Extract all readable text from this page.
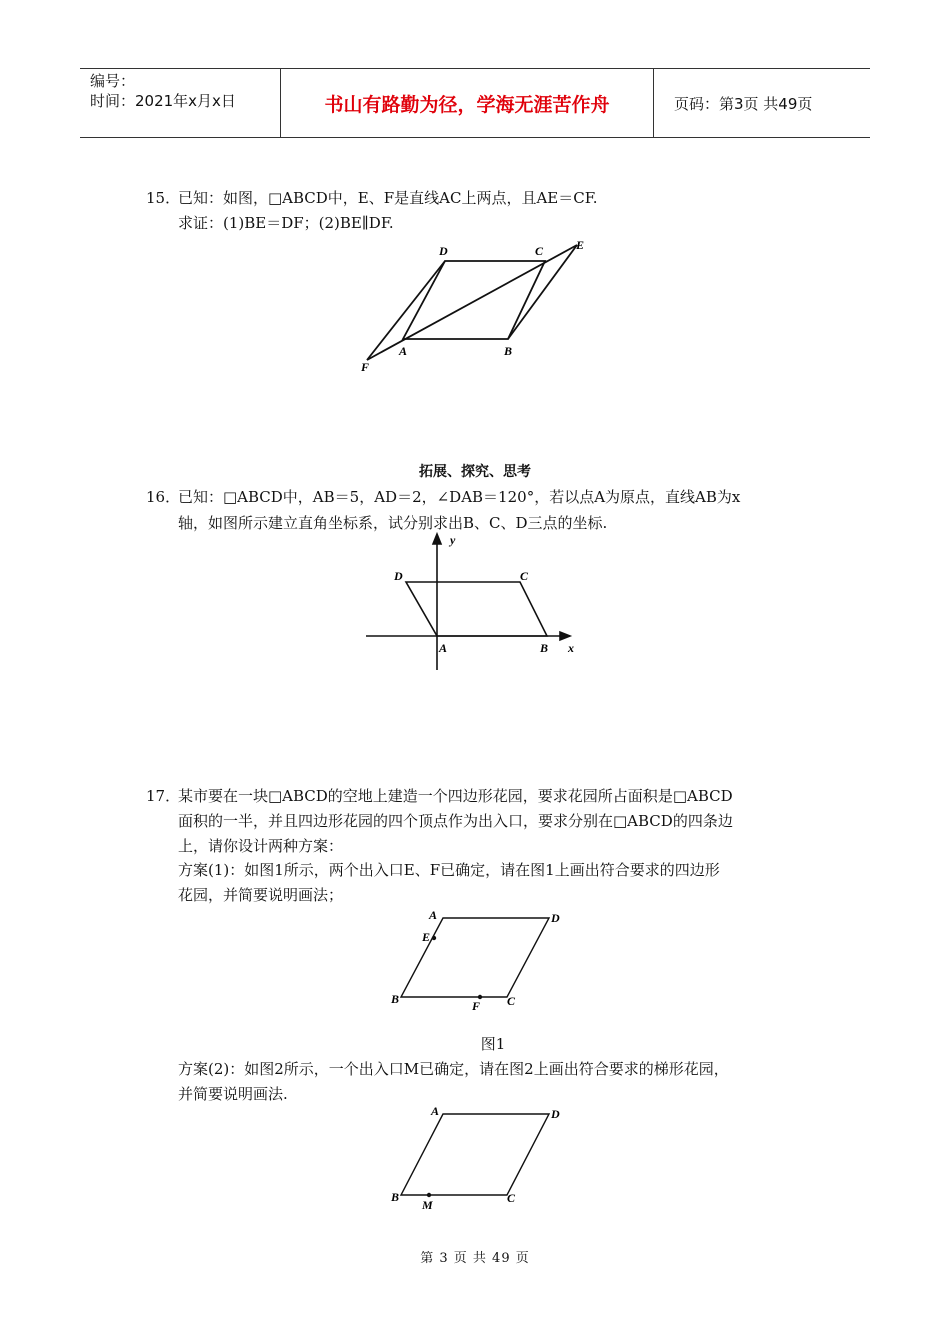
编号：
时间：2021年x月x日	书山有路勤为径，学海无涯苦作舟	页码：第3页 共49页
15．
已知：如图，□ABCD中，E、F是直线AC上两点，且AE＝CF.
求证：(1)BE＝DF；(2)BE∥DF.
D	C	E
A	B
F
拓展、探究、思考
16．
已知：□ABCD中，AB＝5，AD＝2，∠DAB＝120°，若以点A为原点，直线AB为x
轴，如图所示建立直角坐标系，试分别求出B、C、D三点的坐标.
y
x
D	C
A	B
17．
某市要在一块□ABCD的空地上建造一个四边形花园，要求花园所占面积是□ABCD
面积的一半，并且四边形花园的四个顶点作为出入口，要求分别在□ABCD的四条边
上，请你设计两种方案：
方案(1)：如图1所示，两个出入口E、F已确定，请在图1上画出符合要求的四边形
花园，并简要说明画法；
A	D
E
B	F C
图1
方案(2)：如图2所示，一个出入口M已确定，请在图2上画出符合要求的梯形花园，
并简要说明画法.
A	D
B
M	C
第 3 页 共 49 页
